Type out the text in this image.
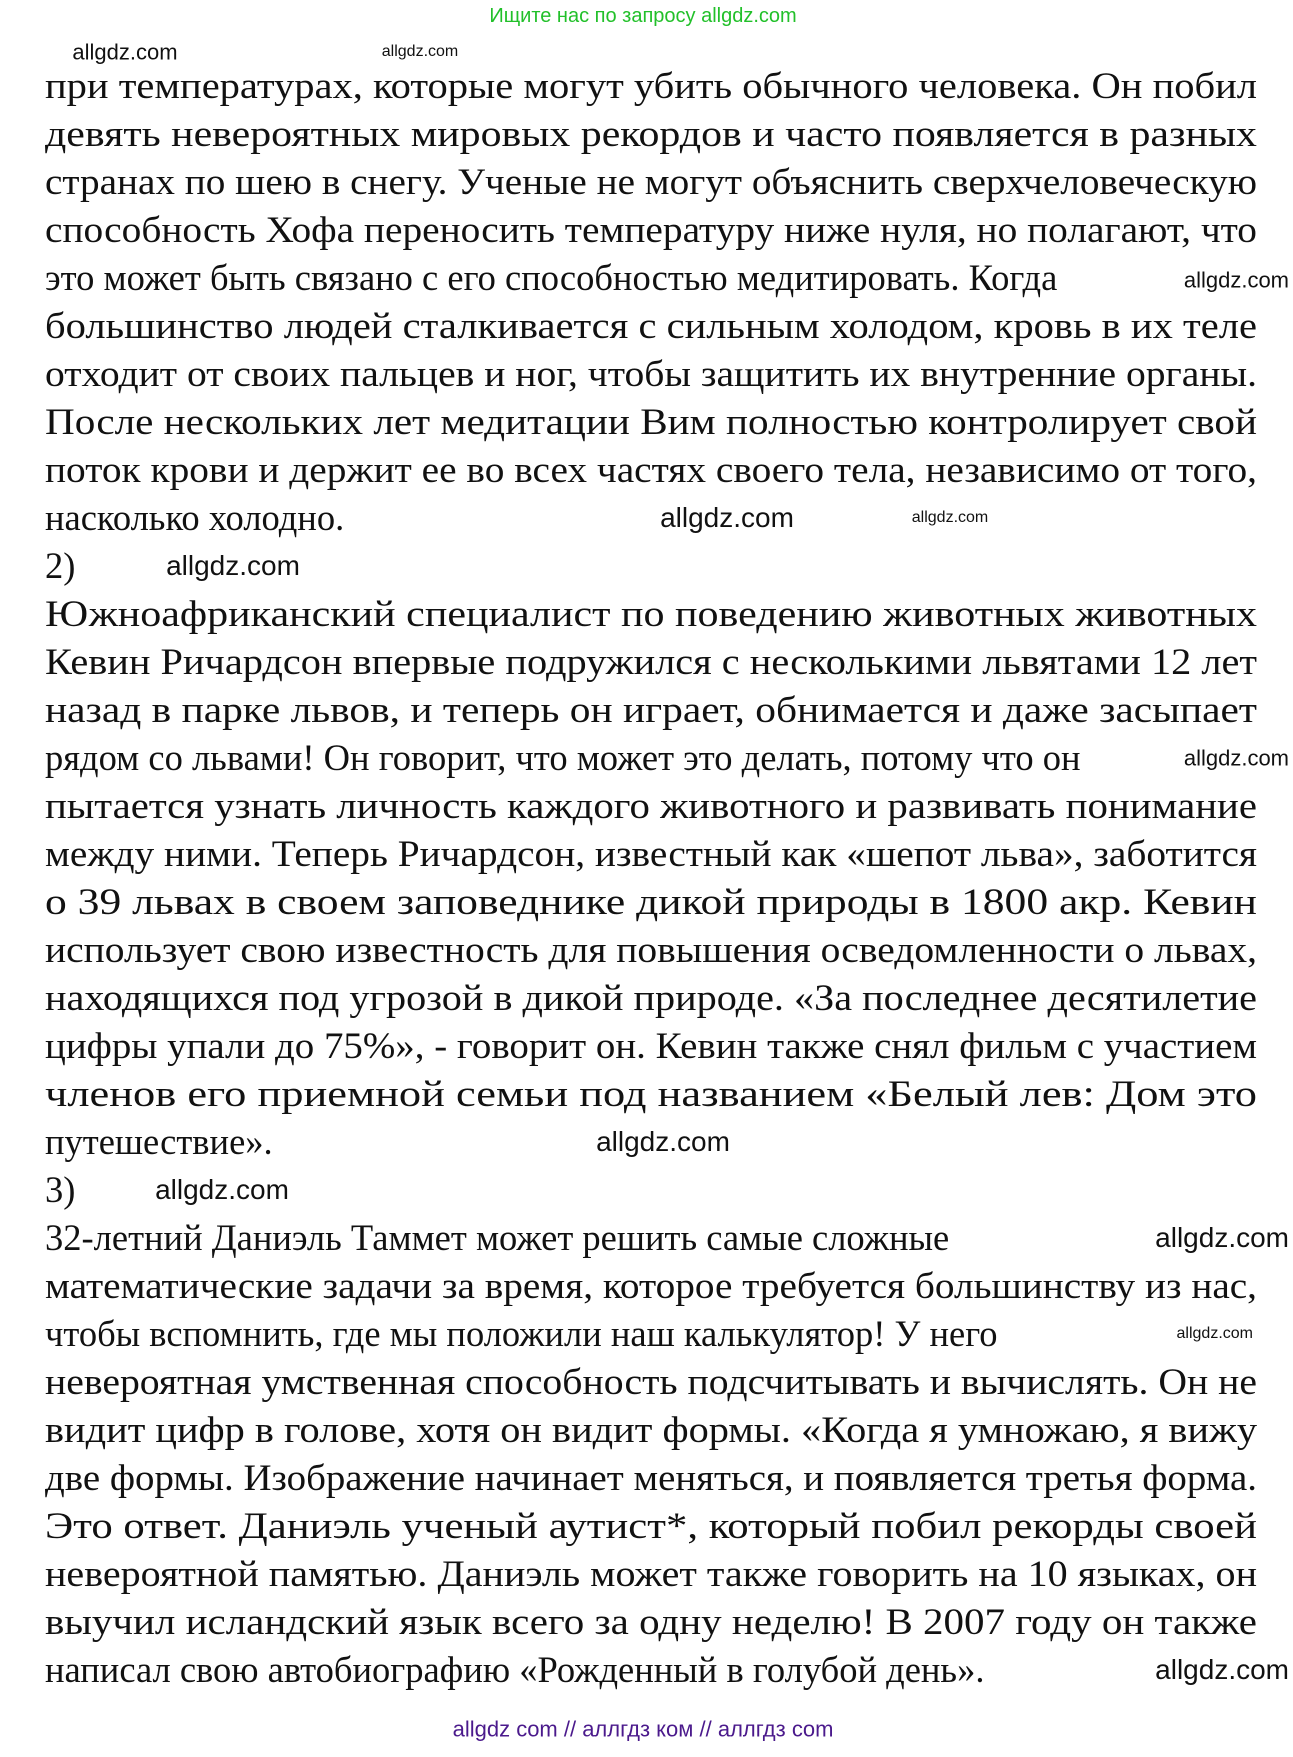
Ищите нас по запросу allgdz.com
при температурах, которые могут убить обычного человека. Он побил
девять невероятных мировых рекордов и часто появляется в разных
странах по шею в снегу. Ученые не могут объяснить сверхчеловеческую
способность Хофа переносить температуру ниже нуля, но полагают, что
это может быть связано с его способностью медитировать. Когда
большинство людей сталкивается с сильным холодом, кровь в их теле
отходит от своих пальцев и ног, чтобы защитить их внутренние органы.
После нескольких лет медитации Вим полностью контролирует свой
поток крови и держит ее во всех частях своего тела, независимо от того,
насколько холодно.
2)
Южноафриканский специалист по поведению животных животных
Кевин Ричардсон впервые подружился с несколькими львятами 12 лет
назад в парке львов, и теперь он играет, обнимается и даже засыпает
рядом со львами! Он говорит, что может это делать, потому что он
пытается узнать личность каждого животного и развивать понимание
между ними. Теперь Ричардсон, известный как «шепот льва», заботится
о 39 львах в своем заповеднике дикой природы в 1800 акр. Кевин
использует свою известность для повышения осведомленности о львах,
находящихся под угрозой в дикой природе. «За последнее десятилетие
цифры упали до 75%», - говорит он. Кевин также снял фильм с участием
членов его приемной семьи под названием «Белый лев: Дом это
путешествие».
3)
32-летний Даниэль Таммет может решить самые сложные
математические задачи за время, которое требуется большинству из нас,
чтобы вспомнить, где мы положили наш калькулятор! У него
невероятная умственная способность подсчитывать и вычислять. Он не
видит цифр в голове, хотя он видит формы. «Когда я умножаю, я вижу
две формы. Изображение начинает меняться, и появляется третья форма.
Это ответ. Даниэль ученый аутист*, который побил рекорды своей
невероятной памятью. Даниэль может также говорить на 10 языках, он
выучил исландский язык всего за одну неделю! В 2007 году он также
написал свою автобиографию «Рожденный в голубой день».
allgdz.com	allgdz.com
allgdz.com
allgdz.com	allgdz.com
allgdz.com
allgdz.com
allgdz.com
allgdz.com
allgdz.com
allgdz.com
allgdz.com
allgdz com // аллгдз ком // аллгдз com
